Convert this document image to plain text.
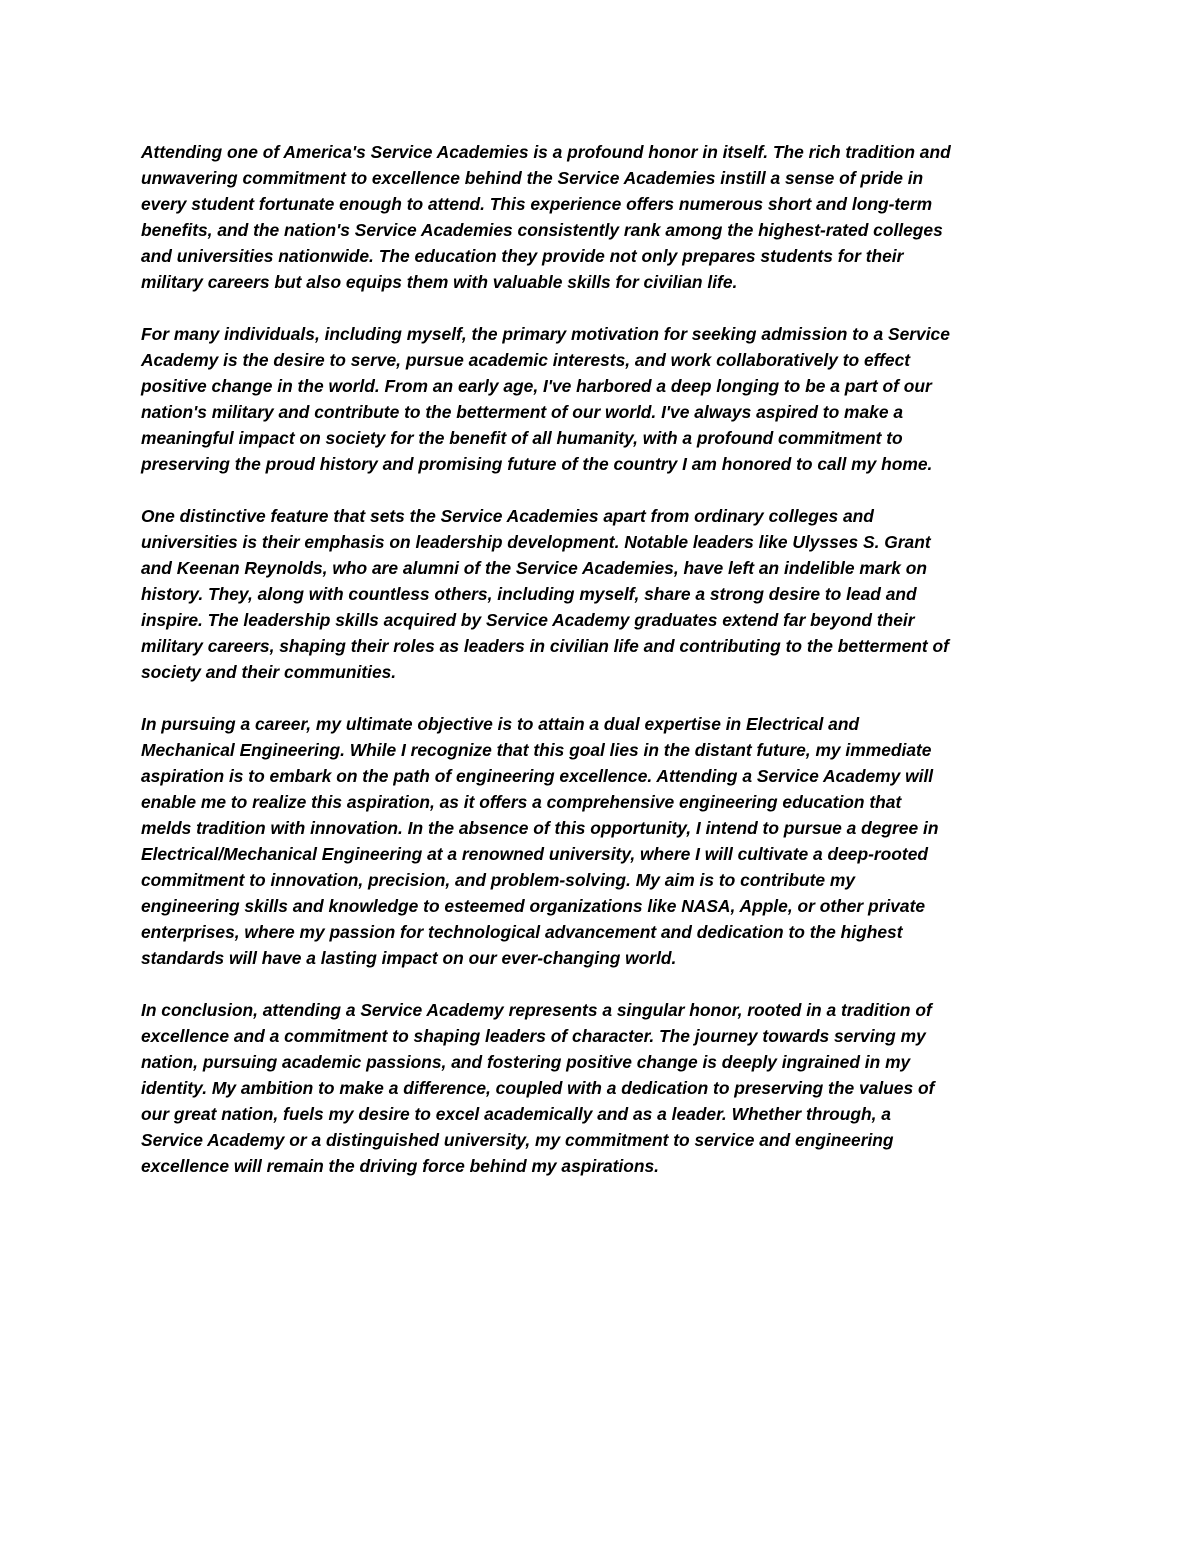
Attending one of America's Service Academies is a profound honor in itself. The rich tradition and
unwavering commitment to excellence behind the Service Academies instill a sense of pride in
every student fortunate enough to attend. This experience offers numerous short and long-term
benefits, and the nation's Service Academies consistently rank among the highest-rated colleges
and universities nationwide. The education they provide not only prepares students for their
military careers but also equips them with valuable skills for civilian life.

For many individuals, including myself, the primary motivation for seeking admission to a Service
Academy is the desire to serve, pursue academic interests, and work collaboratively to effect
positive change in the world. From an early age, I've harbored a deep longing to be a part of our
nation's military and contribute to the betterment of our world. I've always aspired to make a
meaningful impact on society for the benefit of all humanity, with a profound commitment to
preserving the proud history and promising future of the country I am honored to call my home.

One distinctive feature that sets the Service Academies apart from ordinary colleges and
universities is their emphasis on leadership development. Notable leaders like Ulysses S. Grant
and Keenan Reynolds, who are alumni of the Service Academies, have left an indelible mark on
history. They, along with countless others, including myself, share a strong desire to lead and
inspire. The leadership skills acquired by Service Academy graduates extend far beyond their
military careers, shaping their roles as leaders in civilian life and contributing to the betterment of
society and their communities.

In pursuing a career, my ultimate objective is to attain a dual expertise in Electrical and
Mechanical Engineering. While I recognize that this goal lies in the distant future, my immediate
aspiration is to embark on the path of engineering excellence. Attending a Service Academy will
enable me to realize this aspiration, as it offers a comprehensive engineering education that
melds tradition with innovation. In the absence of this opportunity, I intend to pursue a degree in
Electrical/Mechanical Engineering at a renowned university, where I will cultivate a deep-rooted
commitment to innovation, precision, and problem-solving. My aim is to contribute my
engineering skills and knowledge to esteemed organizations like NASA, Apple, or other private
enterprises, where my passion for technological advancement and dedication to the highest
standards will have a lasting impact on our ever-changing world.

In conclusion, attending a Service Academy represents a singular honor, rooted in a tradition of
excellence and a commitment to shaping leaders of character. The journey towards serving my
nation, pursuing academic passions, and fostering positive change is deeply ingrained in my
identity. My ambition to make a difference, coupled with a dedication to preserving the values of
our great nation, fuels my desire to excel academically and as a leader. Whether through, a
Service Academy or a distinguished university, my commitment to service and engineering
excellence will remain the driving force behind my aspirations.
